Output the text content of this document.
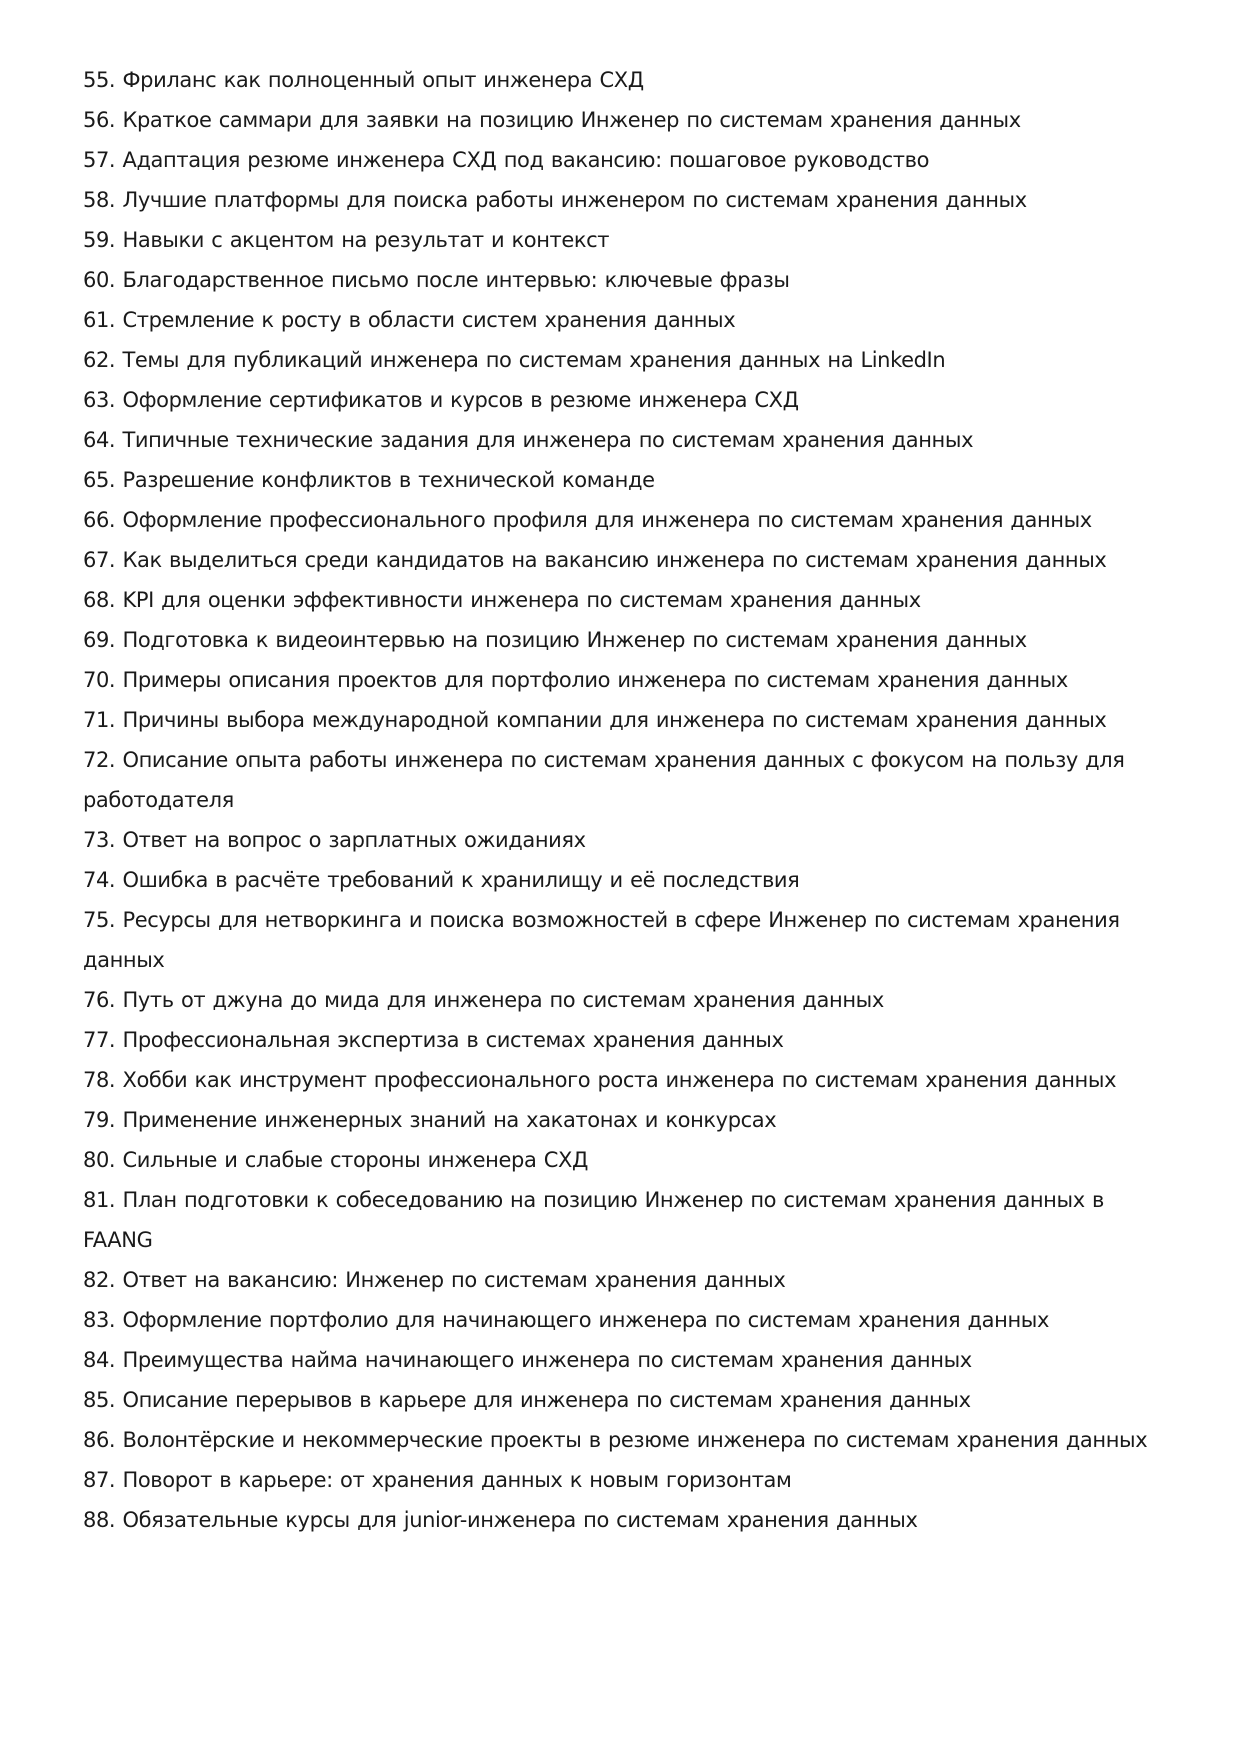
55. Фриланс как полноценный опыт инженера СХД
56. Краткое саммари для заявки на позицию Инженер по системам хранения данных
57. Адаптация резюме инженера СХД под вакансию: пошаговое руководство
58. Лучшие платформы для поиска работы инженером по системам хранения данных
59. Навыки с акцентом на результат и контекст
60. Благодарственное письмо после интервью: ключевые фразы
61. Стремление к росту в области систем хранения данных
62. Темы для публикаций инженера по системам хранения данных на LinkedIn
63. Оформление сертификатов и курсов в резюме инженера СХД
64. Типичные технические задания для инженера по системам хранения данных
65. Разрешение конфликтов в технической команде
66. Оформление профессионального профиля для инженера по системам хранения данных
67. Как выделиться среди кандидатов на вакансию инженера по системам хранения данных
68. KPI для оценки эффективности инженера по системам хранения данных
69. Подготовка к видеоинтервью на позицию Инженер по системам хранения данных
70. Примеры описания проектов для портфолио инженера по системам хранения данных
71. Причины выбора международной компании для инженера по системам хранения данных
72. Описание опыта работы инженера по системам хранения данных с фокусом на пользу для работодателя
73. Ответ на вопрос о зарплатных ожиданиях
74. Ошибка в расчёте требований к хранилищу и её последствия
75. Ресурсы для нетворкинга и поиска возможностей в сфере Инженер по системам хранения данных
76. Путь от джуна до мида для инженера по системам хранения данных
77. Профессиональная экспертиза в системах хранения данных
78. Хобби как инструмент профессионального роста инженера по системам хранения данных
79. Применение инженерных знаний на хакатонах и конкурсах
80. Сильные и слабые стороны инженера СХД
81. План подготовки к собеседованию на позицию Инженер по системам хранения данных в FAANG
82. Ответ на вакансию: Инженер по системам хранения данных
83. Оформление портфолио для начинающего инженера по системам хранения данных
84. Преимущества найма начинающего инженера по системам хранения данных
85. Описание перерывов в карьере для инженера по системам хранения данных
86. Волонтёрские и некоммерческие проекты в резюме инженера по системам хранения данных
87. Поворот в карьере: от хранения данных к новым горизонтам
88. Обязательные курсы для junior-инженера по системам хранения данных
